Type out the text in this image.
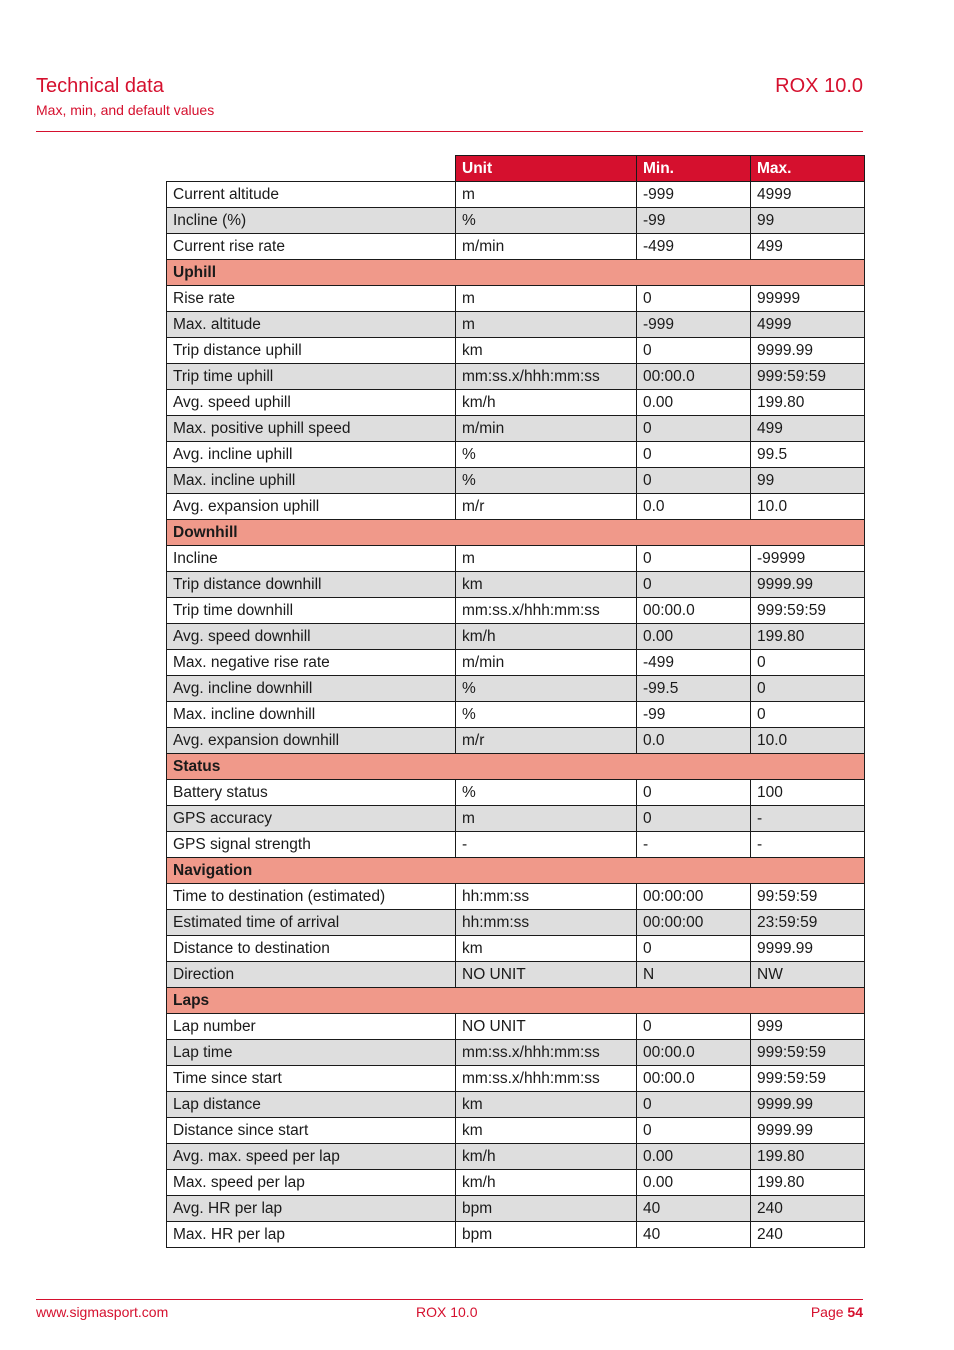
Technical data
Max, min, and default values
ROX 10.0
	Unit	Min.	Max.
Current altitude	m	-999	4999
Incline (%)	%	-99	99
Current rise rate	m/min	-499	499
Uphill			
Rise rate	m	0	99999
Max. altitude	m	-999	4999
Trip distance uphill	km	0	9999.99
Trip time uphill	mm:ss.x/hhh:mm:ss	00:00.0	999:59:59
Avg. speed uphill	km/h	0.00	199.80
Max. positive uphill speed	m/min	0	499
Avg. incline uphill	%	0	99.5
Max. incline uphill	%	0	99
Avg. expansion uphill	m/r	0.0	10.0
Downhill			
Incline	m	0	-99999
Trip distance downhill	km	0	9999.99
Trip time downhill	mm:ss.x/hhh:mm:ss	00:00.0	999:59:59
Avg. speed downhill	km/h	0.00	199.80
Max. negative rise rate	m/min	-499	0
Avg. incline downhill	%	-99.5	0
Max. incline downhill	%	-99	0
Avg. expansion downhill	m/r	0.0	10.0
Status			
Battery status	%	0	100
GPS accuracy	m	0	-
GPS signal strength	-	-	-
Navigation			
Time to destination (estimated)	hh:mm:ss	00:00:00	99:59:59
Estimated time of arrival	hh:mm:ss	00:00:00	23:59:59
Distance to destination	km	0	9999.99
Direction	NO UNIT	N	NW
Laps			
Lap number	NO UNIT	0	999
Lap time	mm:ss.x/hhh:mm:ss	00:00.0	999:59:59
Time since start	mm:ss.x/hhh:mm:ss	00:00.0	999:59:59
Lap distance	km	0	9999.99
Distance since start	km	0	9999.99
Avg. max. speed per lap	km/h	0.00	199.80
Max. speed per lap	km/h	0.00	199.80
Avg. HR per lap	bpm	40	240
Max. HR per lap	bpm	40	240
www.sigmasport.com	ROX 10.0	Page 54
